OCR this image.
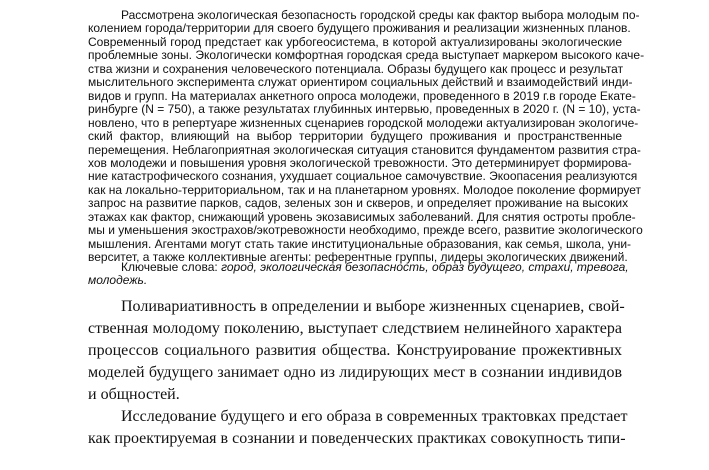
Рассмотрена экологическая безопасность городской среды как фактор выбора молодым по-
колением города/территории для своего будущего проживания и реализации жизненных планов.
Современный город предстает как урбогеосистема, в которой актуализированы экологические
проблемные зоны. Экологически комфортная городская среда выступает маркером высокого каче-
ства жизни и сохранения человеческого потенциала. Образы будущего как процесс и результат
мыслительного эксперимента служат ориентиром социальных действий и взаимодействий инди-
видов и групп. На материалах анкетного опроса молодежи, проведенного в 2019 г.в городе Екате-
ринбурге (N = 750), а также результатах глубинных интервью, проведенных в 2020 г. (N = 10), уста-
новлено, что в репертуаре жизненных сценариев городской молодежи актуализирован экологиче-
ский фактор, влияющий на выбор территории будущего проживания и пространственные
перемещения. Неблагоприятная экологическая ситуация становится фундаментом развития стра-
хов молодежи и повышения уровня экологической тревожности. Это детерминирует формирова-
ние катастрофического сознания, ухудшает социальное самочувствие. Экоопасения реализуются
как на локально-территориальном, так и на планетарном уровнях. Молодое поколение формирует
запрос на развитие парков, садов, зеленых зон и скверов, и определяет проживание на высоких
этажах как фактор, снижающий уровень экозависимых заболеваний. Для снятия остроты пробле-
мы и уменьшения экострахов/экотревожности необходимо, прежде всего, развитие экологического
мышления. Агентами могут стать такие институциональные образования, как семья, школа, уни-
верситет, а также коллективные агенты: референтные группы, лидеры экологических движений.
Ключевые слова: город, экологическая безопасность, образ будущего, страхи, тревога,
молодежь.
Поливариативность в определении и выборе жизненных сценариев, свой-
ственная молодому поколению, выступает следствием нелинейного характера
процессов социального развития общества. Конструирование прожективных
моделей будущего занимает одно из лидирующих мест в сознании индивидов
и общностей.
Исследование будущего и его образа в современных трактовках предстает
как проектируемая в сознании и поведенческих практиках совокупность типи-
